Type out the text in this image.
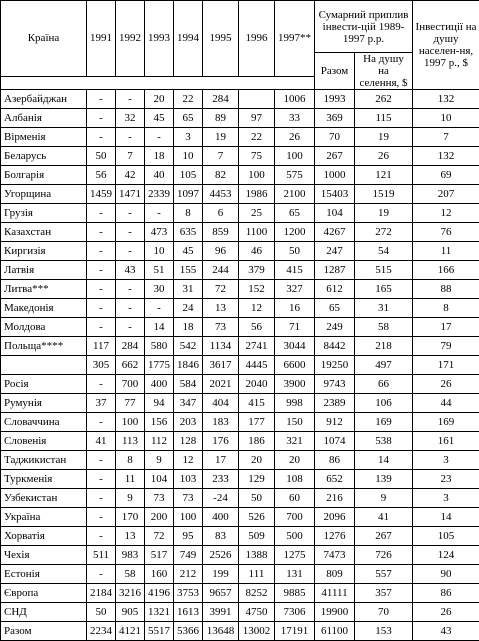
Країна	1991	1992	1993	1994	1995	1996	1997**	Сумарний приплив інвести-цій 1989-1997 р.р.		Інвестиції на душу населен-ня, 1997 р., $
								Разом	На душу на селення, $	

Азербайджан	-	-	20	22	284		1006	1993	262	132
Албанія	-	32	45	65	89	97	33	369	115	10
Вірменія	-	-	-	3	19	22	26	70	19	7
Беларусь	50	7	18	10	7	75	100	267	26	132
Болгарія	56	42	40	105	82	100	575	1000	121	69
Угорщина	1459	1471	2339	1097	4453	1986	2100	15403	1519	207
Грузія	-	-	-	8	6	25	65	104	19	12
Казахстан	-	-	473	635	859	1100	1200	4267	272	76
Киргизія	-	-	10	45	96	46	50	247	54	11
Латвія	-	43	51	155	244	379	415	1287	515	166
Литва***	-	-	30	31	72	152	327	612	165	88
Македонія	-	-	-	24	13	12	16	65	31	8
Молдова	-	-	14	18	73	56	71	249	58	17
Польща****	117	284	580	542	1134	2741	3044	8442	218	79
	305	662	1775	1846	3617	4445	6600	19250	497	171
Росія	-	700	400	584	2021	2040	3900	9743	66	26
Румунія	37	77	94	347	404	415	998	2389	106	44
Словаччина	-	100	156	203	183	177	150	912	169	169
Словенія	41	113	112	128	176	186	321	1074	538	161
Таджикистан	-	8	9	12	17	20	20	86	14	3
Туркменія	-	11	104	103	233	129	108	652	139	23
Узбекистан	-	9	73	73	-24	50	60	216	9	3
Україна	-	170	200	100	400	526	700	2096	41	14
Хорватія	-	13	72	95	83	509	500	1276	267	105
Чехія	511	983	517	749	2526	1388	1275	7473	726	124
Естонія	-	58	160	212	199	111	131	809	557	90
Європа	2184	3216	4196	3753	9657	8252	9885	41111	357	86
СНД	50	905	1321	1613	3991	4750	7306	19900	70	26
Разом	2234	4121	5517	5366	13648	13002	17191	61100	153	43
